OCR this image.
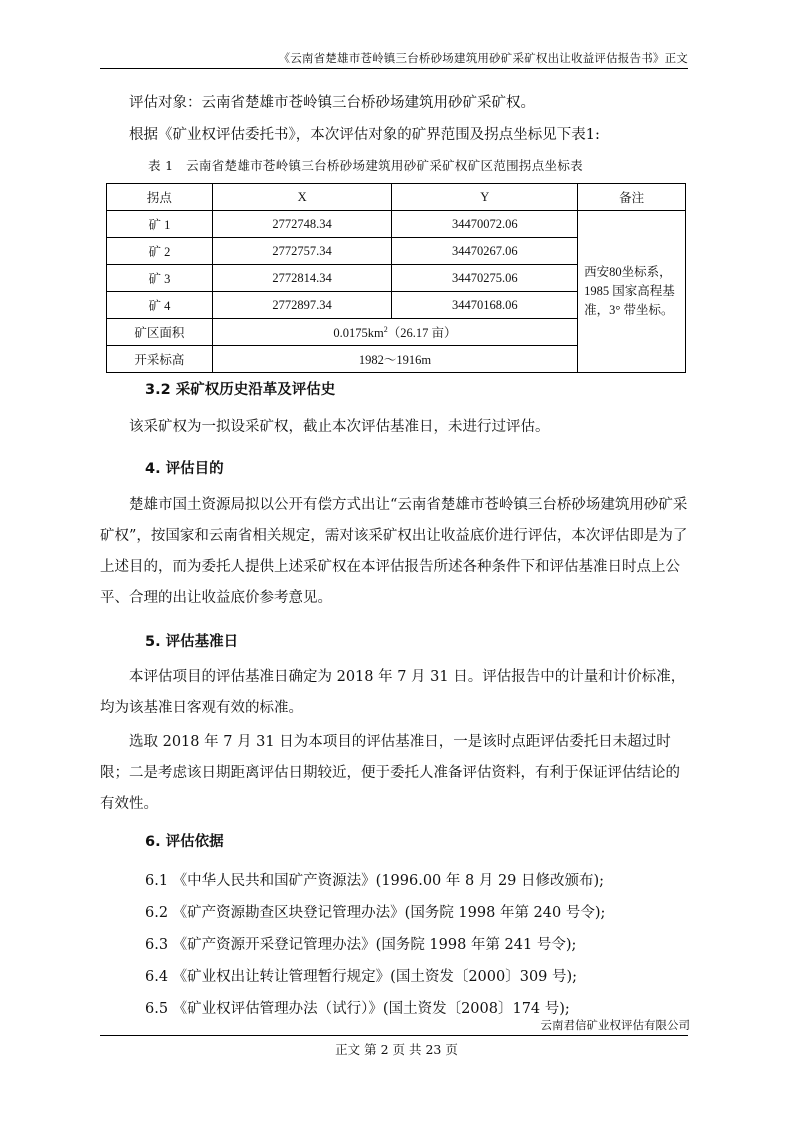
《云南省楚雄市苍岭镇三台桥砂场建筑用砂矿采矿权出让收益评估报告书》正文
评估对象：云南省楚雄市苍岭镇三台桥砂场建筑用砂矿采矿权。
根据《矿业权评估委托书》，本次评估对象的矿界范围及拐点坐标见下表1:
表 1　云南省楚雄市苍岭镇三台桥砂场建筑用砂矿采矿权矿区范围拐点坐标表
拐点	X	Y	备注
矿 1	2772748.34	34470072.06	西安80坐标系，1985 国家高程基准，3° 带坐标。
矿 2	2772757.34	34470267.06	
矿 3	2772814.34	34470275.06	
矿 4	2772897.34	34470168.06	
矿区面积	$0.0175km^2(26.17$ 亩）		
开采标高	1982～1916m		
3.2 采矿权历史沿革及评估史
该采矿权为一拟设采矿权，截止本次评估基准日，未进行过评估。
4. 评估目的
楚雄市国土资源局拟以公开有偿方式出让“云南省楚雄市苍岭镇三台桥砂场建筑用砂矿采矿权”，按国家和云南省相关规定，需对该采矿权出让收益底价进行评估，本次评估即是为了上述目的，而为委托人提供上述采矿权在本评估报告所述各种条件下和评估基准日时点上公平、合理的出让收益底价参考意见。
5. 评估基准日
本评估项目的评估基准日确定为 2018 年 7 月 31 日。评估报告中的计量和计价标准，均为该基准日客观有效的标准。
选取 2018 年 7 月 31 日为本项目的评估基准日，一是该时点距评估委托日未超过时限；二是考虑该日期距离评估日期较近，便于委托人准备评估资料，有利于保证评估结论的有效性。
6. 评估依据
6.1 《中华人民共和国矿产资源法》(1996.00 年 8 月 29 日修改颁布);
6.2 《矿产资源勘查区块登记管理办法》(国务院 1998 年第 240 号令);
6.3 《矿产资源开采登记管理办法》(国务院 1998 年第 241 号令);
6.4 《矿业权出让转让管理暂行规定》(国土资发〔2000〕309 号);
6.5 《矿业权评估管理办法（试行）》(国土资发〔2008〕174 号);
云南君信矿业权评估有限公司
正文 第 2 页 共 23 页
